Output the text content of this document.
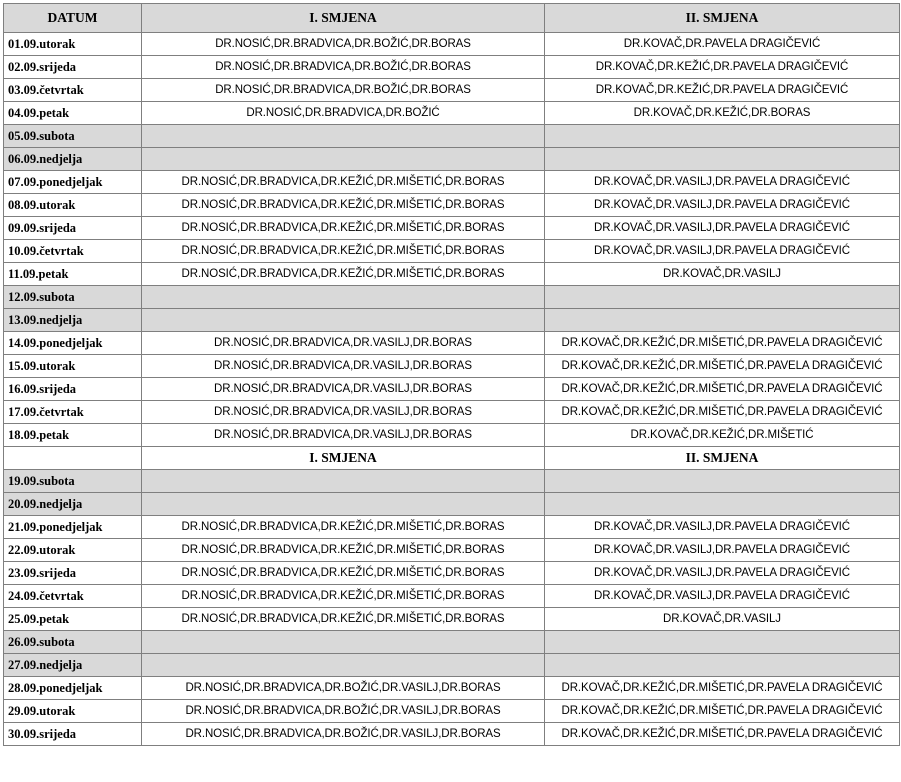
DATUM	I. SMJENA	II. SMJENA
01.09.utorak	DR.NOSIĆ,DR.BRADVICA,DR.BOŽIĆ,DR.BORAS	DR.KOVAČ,DR.PAVELA DRAGIČEVIĆ
02.09.srijeda	DR.NOSIĆ,DR.BRADVICA,DR.BOŽIĆ,DR.BORAS	DR.KOVAČ,DR.KEŽIĆ,DR.PAVELA DRAGIČEVIĆ
03.09.četvrtak	DR.NOSIĆ,DR.BRADVICA,DR.BOŽIĆ,DR.BORAS	DR.KOVAČ,DR.KEŽIĆ,DR.PAVELA DRAGIČEVIĆ
04.09.petak	DR.NOSIĆ,DR.BRADVICA,DR.BOŽIĆ	DR.KOVAČ,DR.KEŽIĆ,DR.BORAS
05.09.subota		
06.09.nedjelja		
07.09.ponedjeljak	DR.NOSIĆ,DR.BRADVICA,DR.KEŽIĆ,DR.MIŠETIĆ,DR.BORAS	DR.KOVAČ,DR.VASILJ,DR.PAVELA DRAGIČEVIĆ
08.09.utorak	DR.NOSIĆ,DR.BRADVICA,DR.KEŽIĆ,DR.MIŠETIĆ,DR.BORAS	DR.KOVAČ,DR.VASILJ,DR.PAVELA DRAGIČEVIĆ
09.09.srijeda	DR.NOSIĆ,DR.BRADVICA,DR.KEŽIĆ,DR.MIŠETIĆ,DR.BORAS	DR.KOVAČ,DR.VASILJ,DR.PAVELA DRAGIČEVIĆ
10.09.četvrtak	DR.NOSIĆ,DR.BRADVICA,DR.KEŽIĆ,DR.MIŠETIĆ,DR.BORAS	DR.KOVAČ,DR.VASILJ,DR.PAVELA DRAGIČEVIĆ
11.09.petak	DR.NOSIĆ,DR.BRADVICA,DR.KEŽIĆ,DR.MIŠETIĆ,DR.BORAS	DR.KOVAČ,DR.VASILJ
12.09.subota		
13.09.nedjelja		
14.09.ponedjeljak	DR.NOSIĆ,DR.BRADVICA,DR.VASILJ,DR.BORAS	DR.KOVAČ,DR.KEŽIĆ,DR.MIŠETIĆ,DR.PAVELA DRAGIČEVIĆ
15.09.utorak	DR.NOSIĆ,DR.BRADVICA,DR.VASILJ,DR.BORAS	DR.KOVAČ,DR.KEŽIĆ,DR.MIŠETIĆ,DR.PAVELA DRAGIČEVIĆ
16.09.srijeda	DR.NOSIĆ,DR.BRADVICA,DR.VASILJ,DR.BORAS	DR.KOVAČ,DR.KEŽIĆ,DR.MIŠETIĆ,DR.PAVELA DRAGIČEVIĆ
17.09.četvrtak	DR.NOSIĆ,DR.BRADVICA,DR.VASILJ,DR.BORAS	DR.KOVAČ,DR.KEŽIĆ,DR.MIŠETIĆ,DR.PAVELA DRAGIČEVIĆ
18.09.petak	DR.NOSIĆ,DR.BRADVICA,DR.VASILJ,DR.BORAS	DR.KOVAČ,DR.KEŽIĆ,DR.MIŠETIĆ
	I. SMJENA	II. SMJENA
19.09.subota		
20.09.nedjelja		
21.09.ponedjeljak	DR.NOSIĆ,DR.BRADVICA,DR.KEŽIĆ,DR.MIŠETIĆ,DR.BORAS	DR.KOVAČ,DR.VASILJ,DR.PAVELA DRAGIČEVIĆ
22.09.utorak	DR.NOSIĆ,DR.BRADVICA,DR.KEŽIĆ,DR.MIŠETIĆ,DR.BORAS	DR.KOVAČ,DR.VASILJ,DR.PAVELA DRAGIČEVIĆ
23.09.srijeda	DR.NOSIĆ,DR.BRADVICA,DR.KEŽIĆ,DR.MIŠETIĆ,DR.BORAS	DR.KOVAČ,DR.VASILJ,DR.PAVELA DRAGIČEVIĆ
24.09.četvrtak	DR.NOSIĆ,DR.BRADVICA,DR.KEŽIĆ,DR.MIŠETIĆ,DR.BORAS	DR.KOVAČ,DR.VASILJ,DR.PAVELA DRAGIČEVIĆ
25.09.petak	DR.NOSIĆ,DR.BRADVICA,DR.KEŽIĆ,DR.MIŠETIĆ,DR.BORAS	DR.KOVAČ,DR.VASILJ
26.09.subota		
27.09.nedjelja		
28.09.ponedjeljak	DR.NOSIĆ,DR.BRADVICA,DR.BOŽIĆ,DR.VASILJ,DR.BORAS	DR.KOVAČ,DR.KEŽIĆ,DR.MIŠETIĆ,DR.PAVELA DRAGIČEVIĆ
29.09.utorak	DR.NOSIĆ,DR.BRADVICA,DR.BOŽIĆ,DR.VASILJ,DR.BORAS	DR.KOVAČ,DR.KEŽIĆ,DR.MIŠETIĆ,DR.PAVELA DRAGIČEVIĆ
30.09.srijeda	DR.NOSIĆ,DR.BRADVICA,DR.BOŽIĆ,DR.VASILJ,DR.BORAS	DR.KOVAČ,DR.KEŽIĆ,DR.MIŠETIĆ,DR.PAVELA DRAGIČEVIĆ
